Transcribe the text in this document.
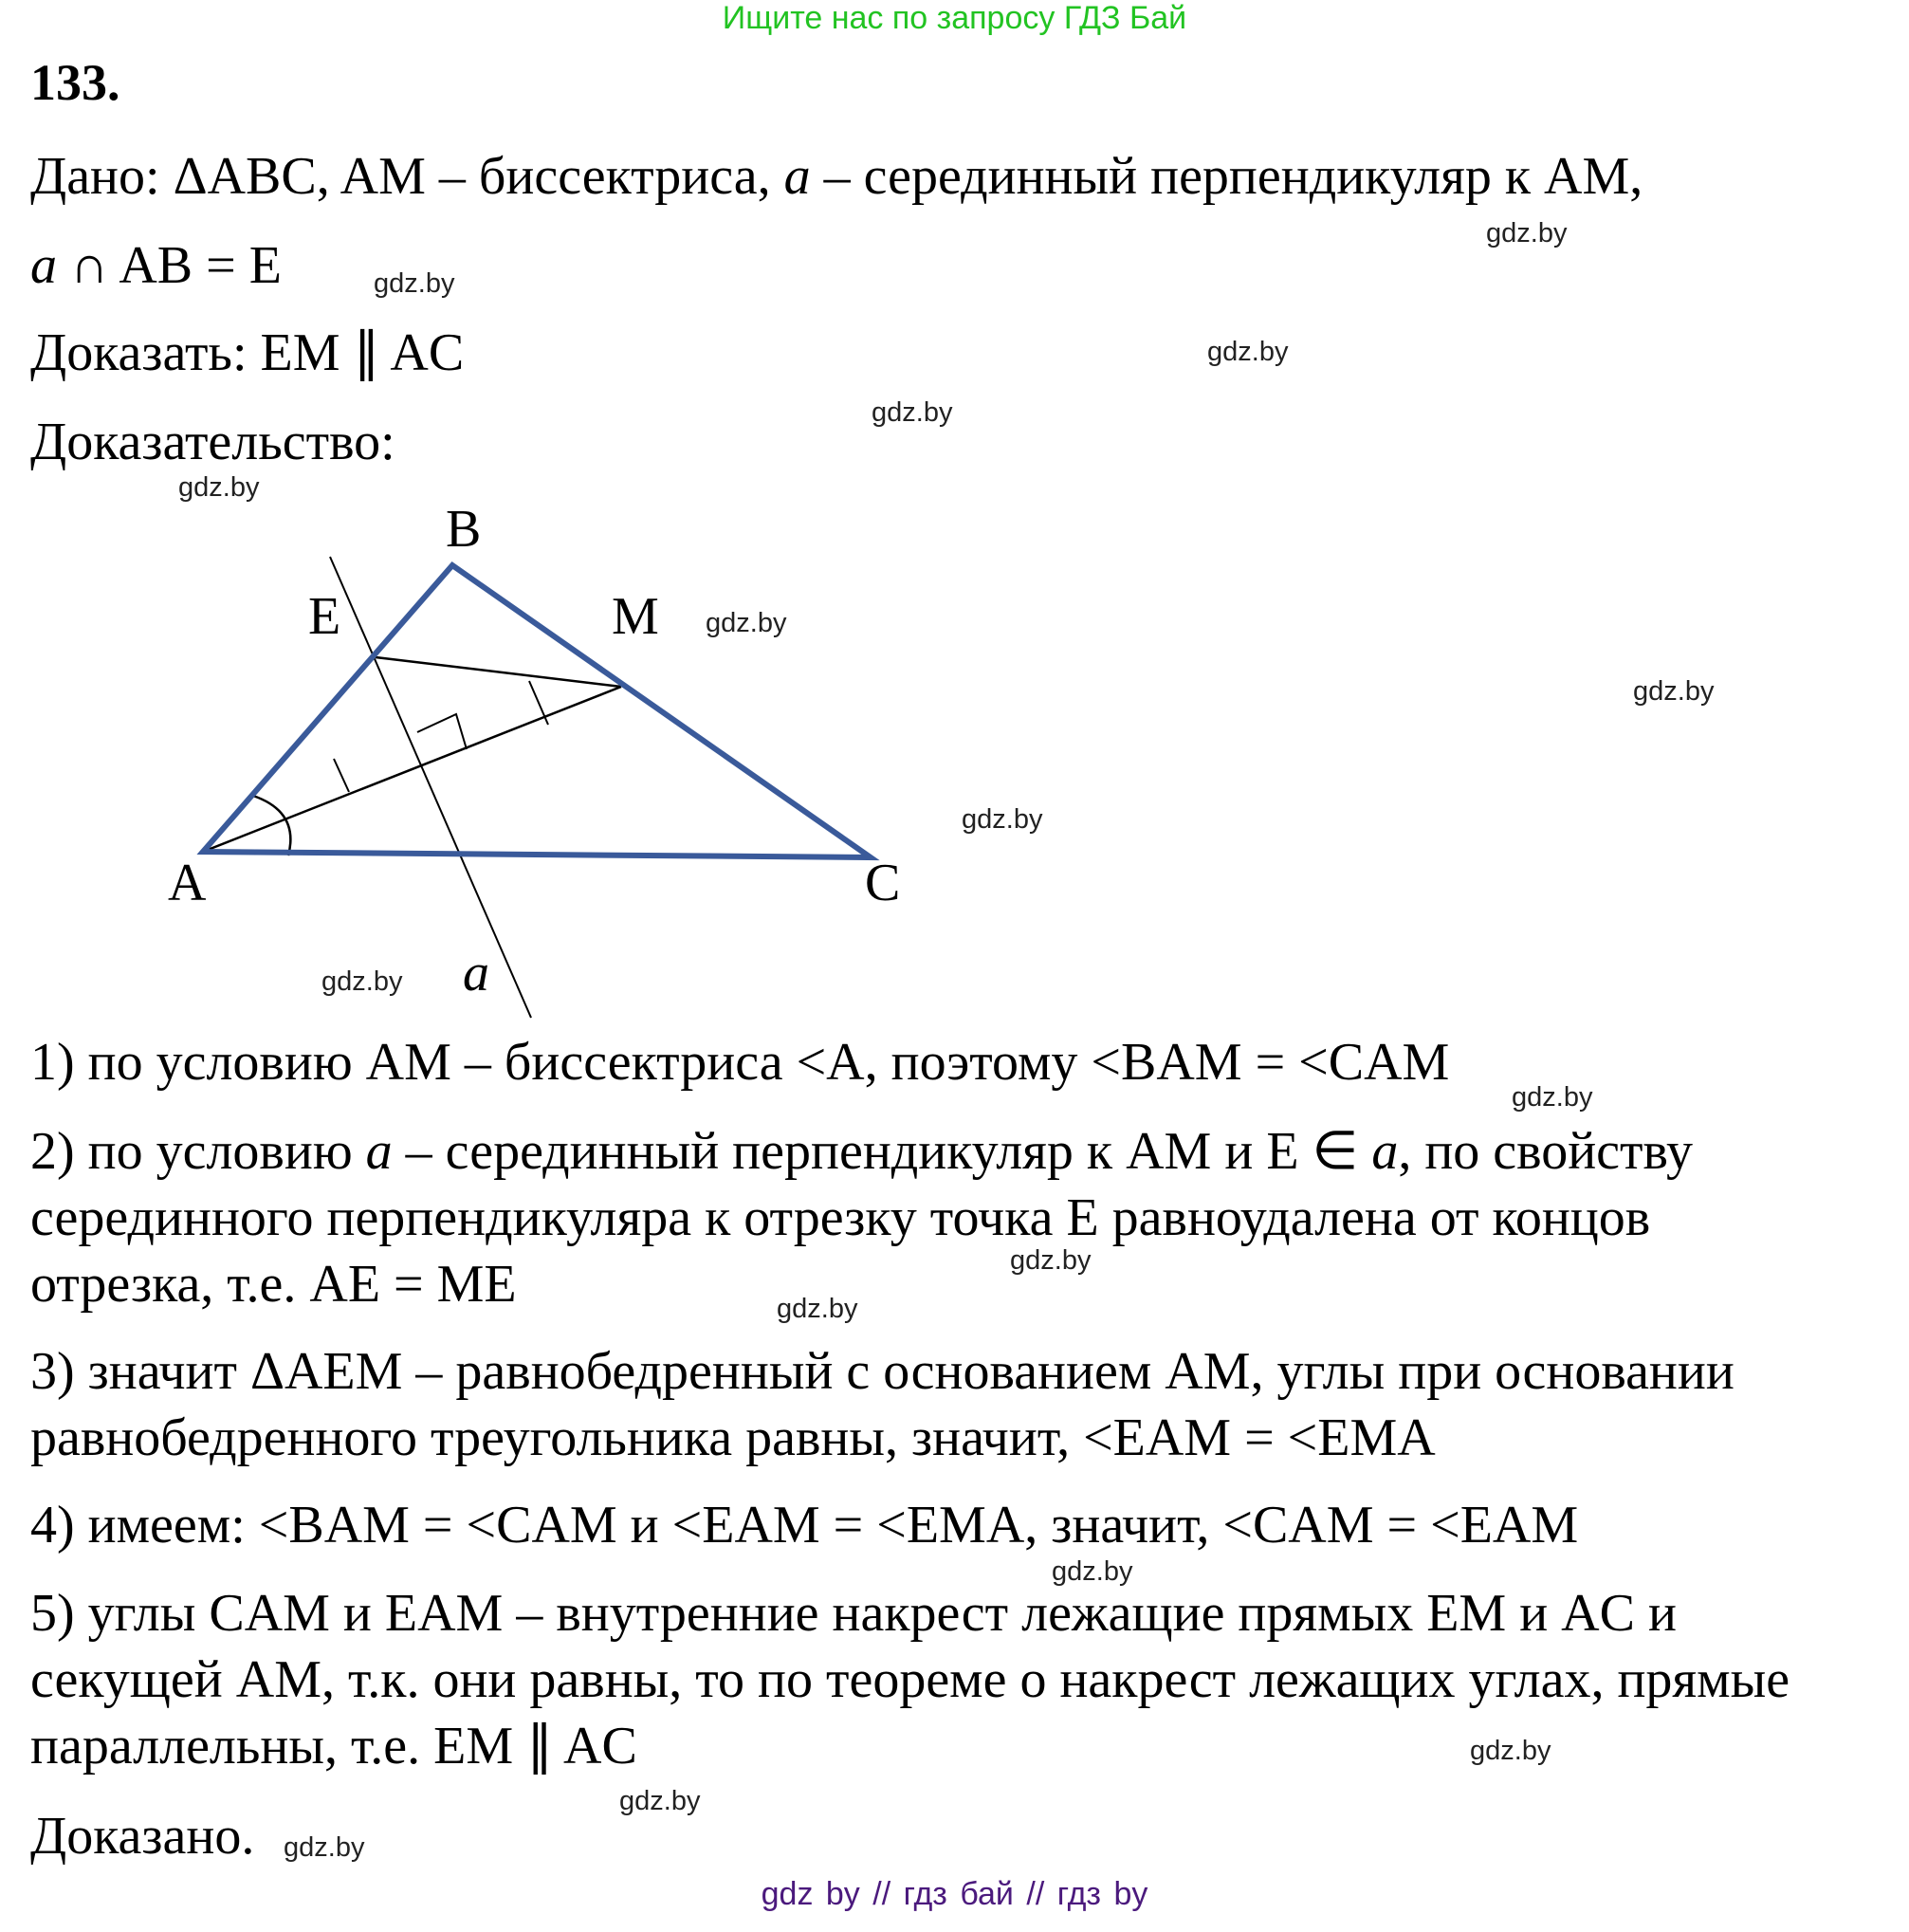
Ищите нас по запросу ГДЗ Бай
133.
Дано: ΔABC, AM – биссектриса, a – серединный перпендикуляр к AM,
a ∩ AB = E
Доказать: EM ∥ AC
Доказательство:
B
E	M
A	C
a
1) по условию AM – биссектриса <A, поэтому <BAM = <CAM
2) по условию a – серединный перпендикуляр к AM и E ∈ a, по свойству
серединного перпендикуляра к отрезку точка E равноудалена от концов
отрезка, т.е. AE = ME
3) значит ΔAEM – равнобедренный с основанием AM, углы при основании
равнобедренного треугольника равны, значит, <EAM = <EMA
4) имеем: <BAM = <CAM и <EAM = <EMA, значит, <CAM = <EAM
5) углы CAM и EAM – внутренние накрест лежащие прямых EM и AC и
секущей AM, т.к. они равны, то по теореме о накрест лежащих углах, прямые
параллельны, т.е. EM ∥ AC
Доказано.
gdz.by
gdz.by
gdz.by
gdz.by
gdz.by
gdz.by
gdz.by
gdz.by
gdz.by
gdz.by
gdz.by
gdz.by
gdz.by
gdz.by
gdz.by
gdz.by
gdz by // гдз бай // гдз by
